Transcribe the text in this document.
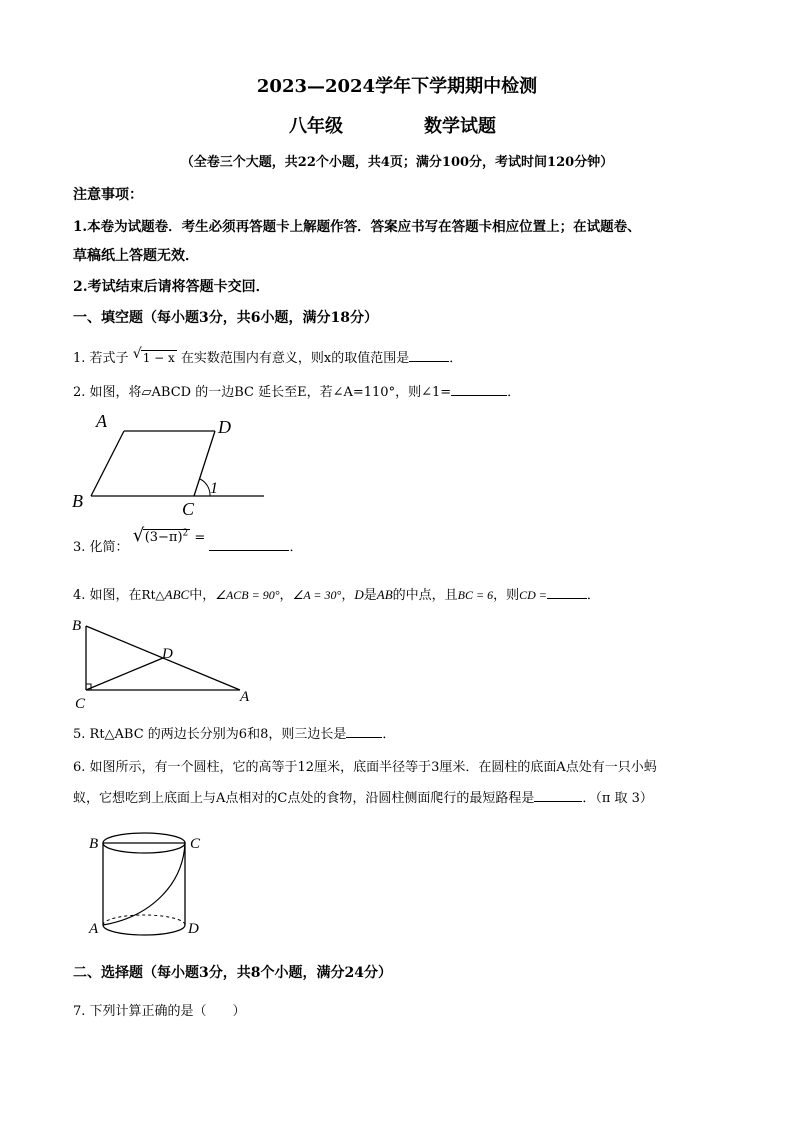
2023—2024学年下学期期中检测
八年级	数学试题
（全卷三个大题，共22个小题，共4页；满分100分，考试时间120分钟）
注意事项：
1.本卷为试题卷．考生必须再答题卡上解题作答．答案应书写在答题卡相应位置上；在试题卷、
草稿纸上答题无效．
2.考试结束后请将答题卡交回．
一、填空题（每小题3分，共6小题，满分18分）
1. 若式子 √ 1 − x 在实数范围内有意义，则x的取值范围是	．
2. 如图，将▱ABCD 的一边BC 延长至E，若∠A=110°，则∠1=	．
A	D
B	C
1
3. 化简：
√ $(3-\pi)^2$ = ．
4. 如图，在Rt△ABC中，∠ACB = 90°，∠A = 30°，D是AB的中点，且BC = 6，则CD =	．
B
D
C	A
5. Rt△ABC 的两边长分别为6和8，则三边长是	．
6. 如图所示，有一个圆柱，它的高等于12厘米，底面半径等于3厘米．在圆柱的底面A点处有一只小蚂
蚁，它想吃到上底面上与A点相对的C点处的食物，沿圆柱侧面爬行的最短路程是	．（π 取 3）
B	C
A	D
二、选择题（每小题3分，共8个小题，满分24分）
7. 下列计算正确的是（　　）
